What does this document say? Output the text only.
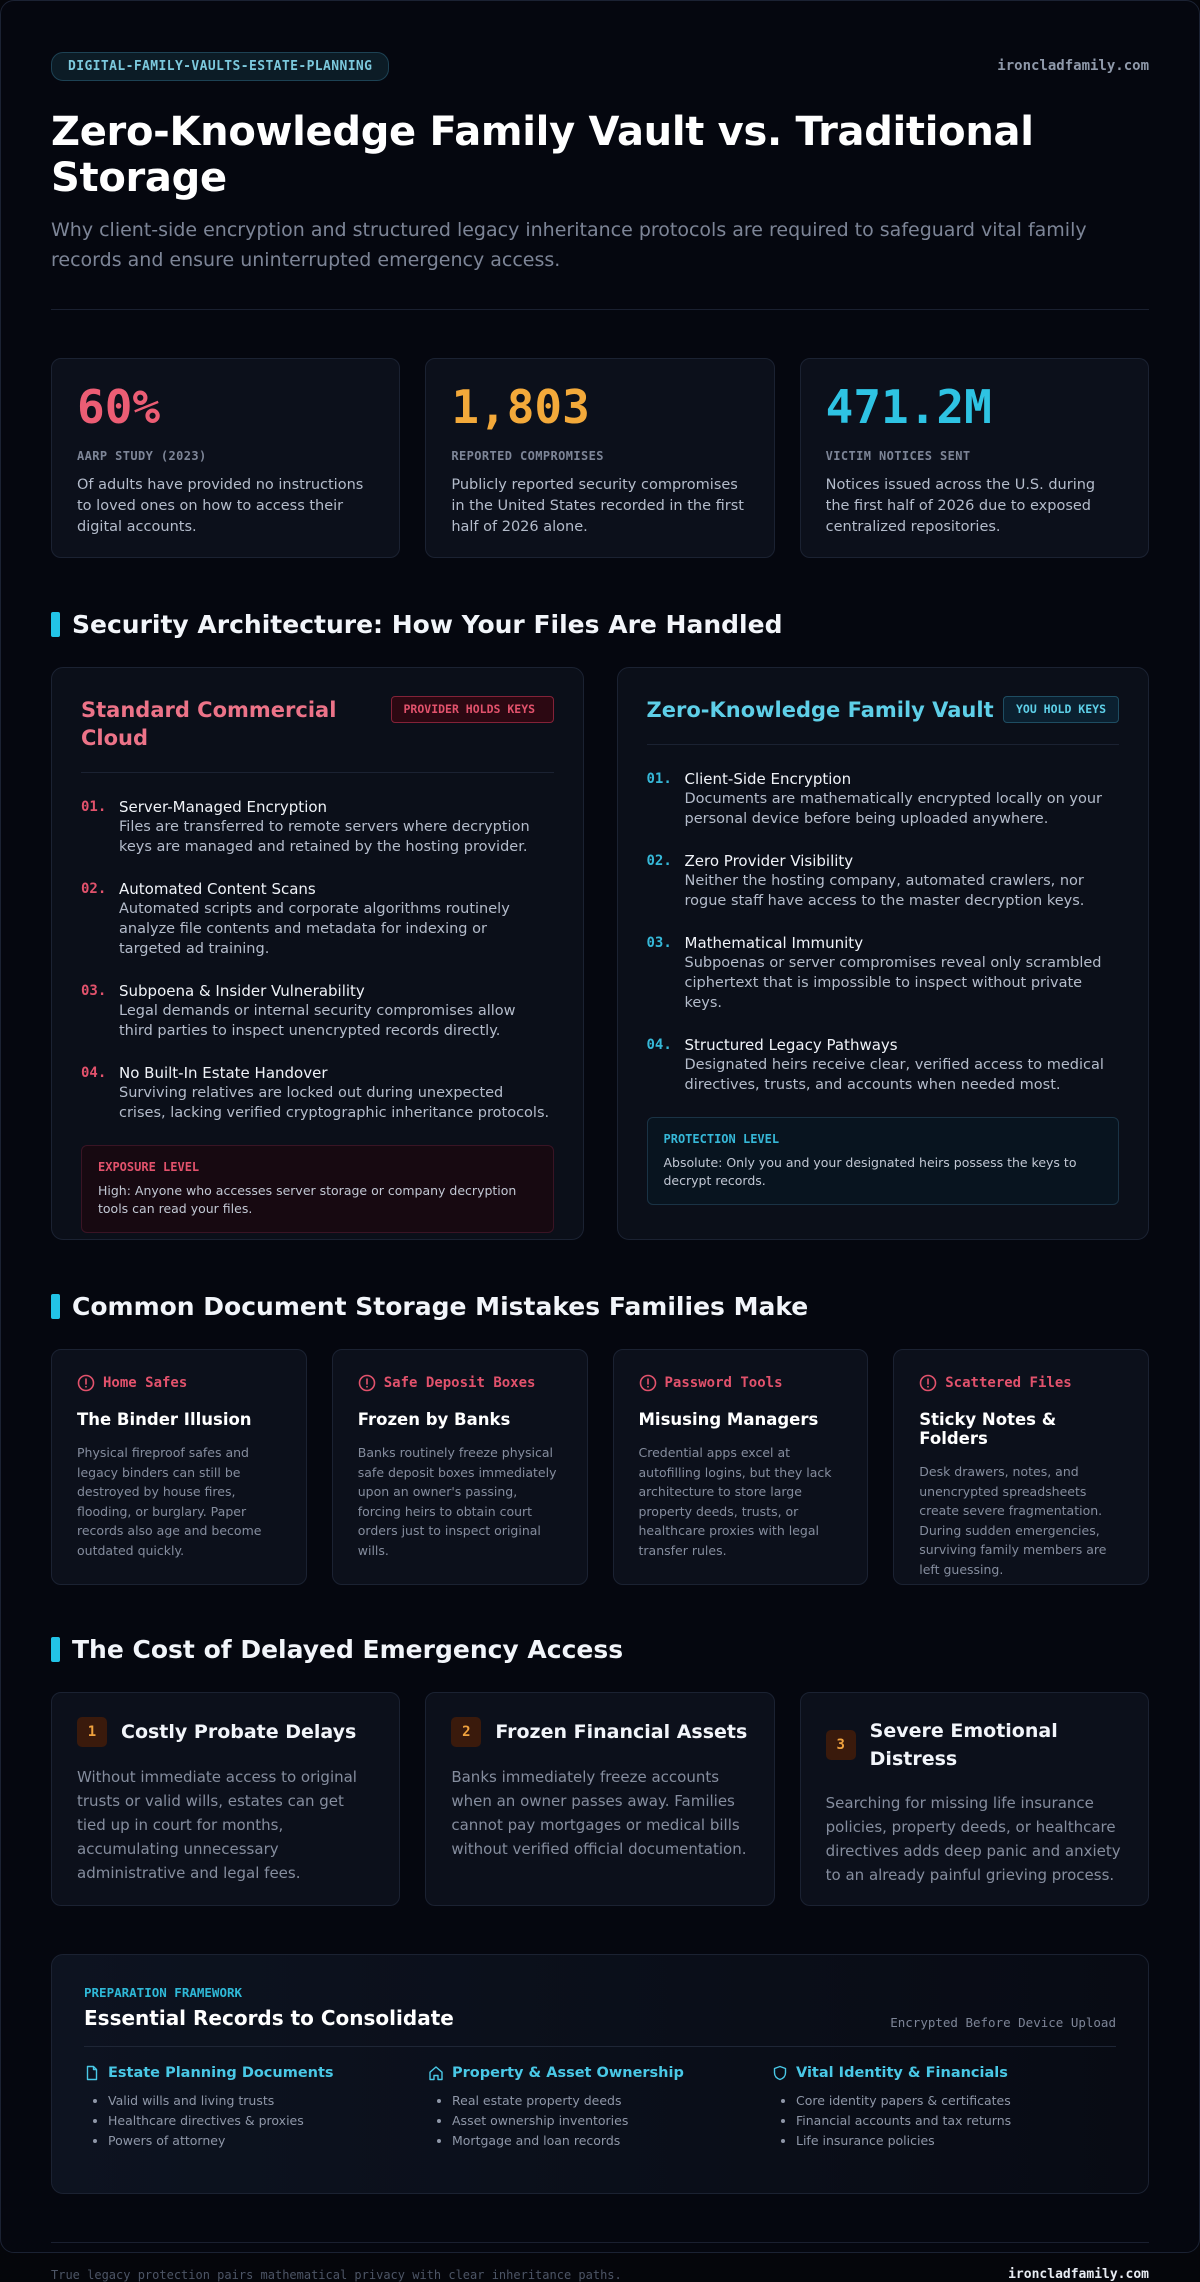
DIGITAL-FAMILY-VAULTS-ESTATE-PLANNING	ironcladfamily.com
Zero-Knowledge Family Vault vs. Traditional Storage

Why client-side encryption and structured legacy inheritance protocols are required to safeguard vital family records and ensure uninterrupted emergency access.

60%
AARP STUDY (2023)
Of adults have provided no instructions to loved ones on how to access their digital accounts.
1,803
REPORTED COMPROMISES
Publicly reported security compromises in the United States recorded in the first half of 2026 alone.
471.2M
VICTIM NOTICES SENT
Notices issued across the U.S. during the first half of 2026 due to exposed centralized repositories.
Security Architecture: How Your Files Are Handled
Standard Commercial Cloud
PROVIDER HOLDS KEYS
01. Server-Managed Encryption
Files are transferred to remote servers where decryption keys are managed and retained by the hosting provider.
02. Automated Content Scans
Automated scripts and corporate algorithms routinely analyze file contents and metadata for indexing or targeted ad training.
03. Subpoena & Insider Vulnerability
Legal demands or internal security compromises allow third parties to inspect unencrypted records directly.
04. No Built-In Estate Handover
Surviving relatives are locked out during unexpected crises, lacking verified cryptographic inheritance protocols.
EXPOSURE LEVEL
High: Anyone who accesses server storage or company decryption tools can read your files.
Zero-Knowledge Family Vault	YOU HOLD KEYS
01. Client-Side Encryption
Documents are mathematically encrypted locally on your personal device before being uploaded anywhere.
02. Zero Provider Visibility
Neither the hosting company, automated crawlers, nor rogue staff have access to the master decryption keys.
03. Mathematical Immunity
Subpoenas or server compromises reveal only scrambled ciphertext that is impossible to inspect without private keys.
04. Structured Legacy Pathways
Designated heirs receive clear, verified access to medical directives, trusts, and accounts when needed most.
PROTECTION LEVEL
Absolute: Only you and your designated heirs possess the keys to decrypt records.
Common Document Storage Mistakes Families Make
Home Safes
The Binder Illusion
Physical fireproof safes and legacy binders can still be destroyed by house fires, flooding, or burglary. Paper records also age and become outdated quickly.
Safe Deposit Boxes
Frozen by Banks
Banks routinely freeze physical safe deposit boxes immediately upon an owner's passing, forcing heirs to obtain court orders just to inspect original wills.
Password Tools
Misusing Managers
Credential apps excel at autofilling logins, but they lack architecture to store large property deeds, trusts, or healthcare proxies with legal transfer rules.
Scattered Files
Sticky Notes & Folders
Desk drawers, notes, and unencrypted spreadsheets create severe fragmentation. During sudden emergencies, surviving family members are left guessing.
The Cost of Delayed Emergency Access
1	Costly Probate Delays
Without immediate access to original trusts or valid wills, estates can get tied up in court for months, accumulating unnecessary administrative and legal fees.
2	Frozen Financial Assets
Banks immediately freeze accounts when an owner passes away. Families cannot pay mortgages or medical bills without verified official documentation.
3
Severe Emotional Distress
Searching for missing life insurance policies, property deeds, or healthcare directives adds deep panic and anxiety to an already painful grieving process.
PREPARATION FRAMEWORK
Essential Records to Consolidate	Encrypted Before Device Upload
Estate Planning Documents
• Valid wills and living trusts
• Healthcare directives & proxies
• Powers of attorney
Property & Asset Ownership
• Real estate property deeds
• Asset ownership inventories
• Mortgage and loan records
Vital Identity & Financials
• Core identity papers & certificates
• Financial accounts and tax returns
• Life insurance policies
True legacy protection pairs mathematical privacy with clear inheritance paths.	ironcladfamily.com
